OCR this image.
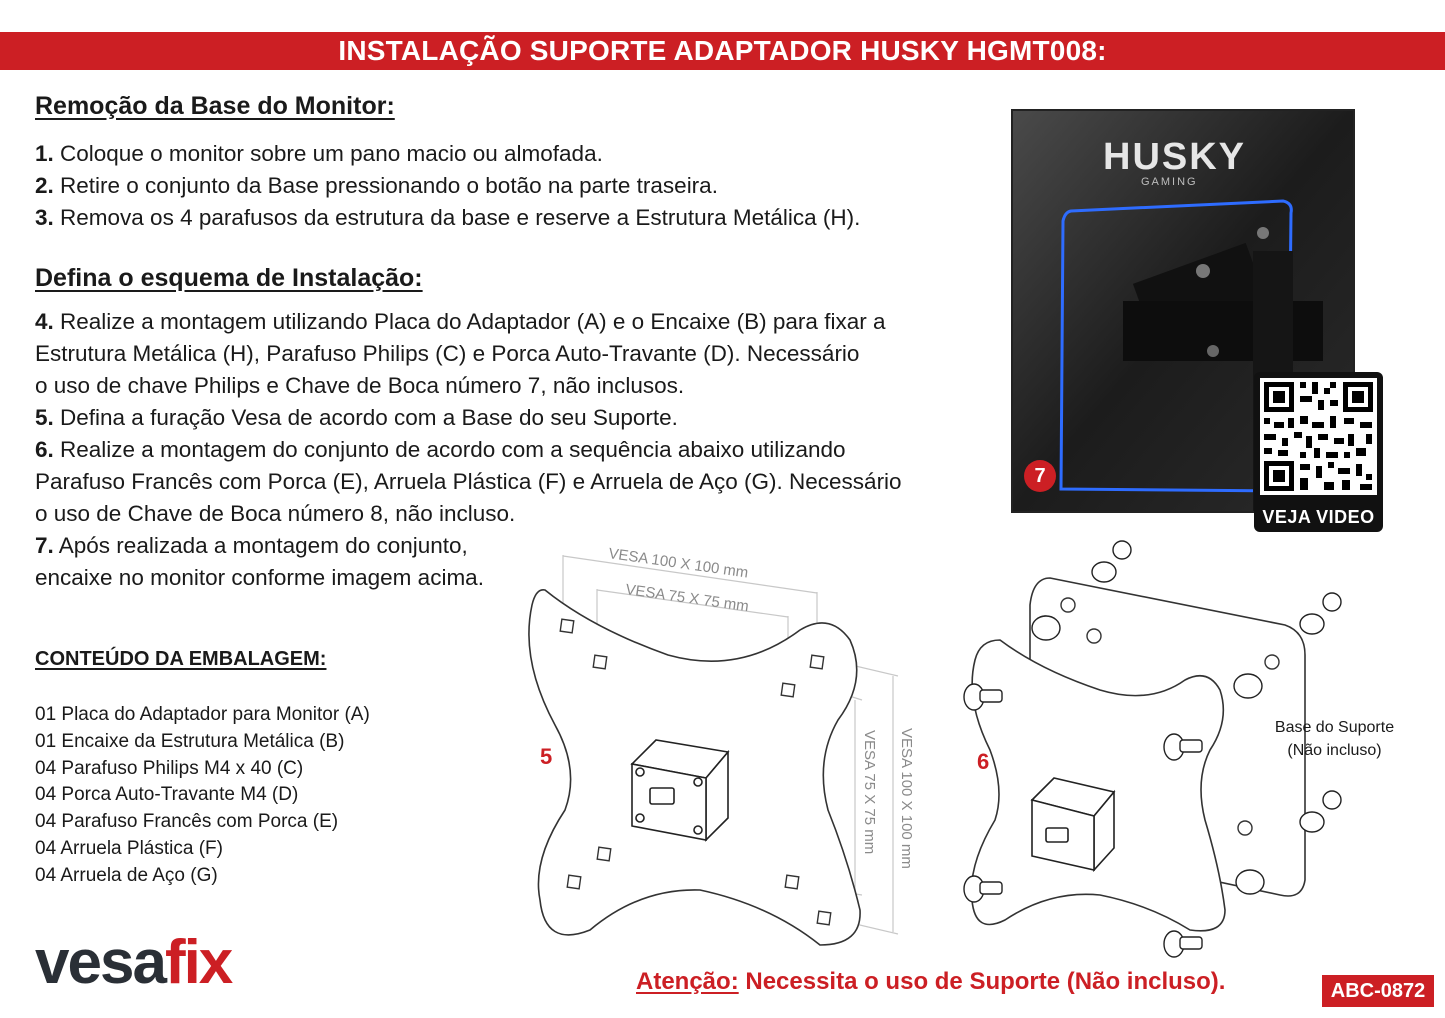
INSTALAÇÃO SUPORTE ADAPTADOR HUSKY HGMT008:
Remoção da Base do Monitor:
1. Coloque o monitor sobre um pano macio ou almofada.
2. Retire o conjunto da Base pressionando o botão na parte traseira.
3. Remova os 4 parafusos da estrutura da base e reserve a Estrutura Metálica (H).
Defina o esquema de Instalação:
4. Realize a montagem utilizando Placa do Adaptador (A) e o Encaixe (B) para fixar a
Estrutura Metálica (H), Parafuso Philips (C) e Porca Auto-Travante (D). Necessário
o uso de chave Philips e Chave de Boca número 7, não inclusos.
5. Defina a furação Vesa de acordo com a Base do seu Suporte.
6. Realize a montagem do conjunto de acordo com a sequência abaixo utilizando
Parafuso Francês com Porca (E), Arruela Plástica (F) e Arruela de Aço (G). Necessário
o uso de Chave de Boca número 8, não incluso.
7. Após realizada a montagem do conjunto,
encaixe no monitor conforme imagem acima.
CONTEÚDO DA EMBALAGEM:
01 Placa do Adaptador para Monitor (A)
01 Encaixe da Estrutura Metálica (B)
04 Parafuso Philips M4 x 40 (C)
04 Porca Auto-Travante M4 (D)
04 Parafuso Francês com Porca (E)
04 Arruela Plástica (F)
04 Arruela de Aço (G)
HUSKY
GAMING
7
VEJA VIDEO
VESA 100 X 100 mm
VESA 75 X 75 mm
VESA 75 X 75 mm VESA 100 X 100 mm
5	6
Base do Suporte
(Não incluso)
vesafix	Atenção: Necessita o uso de Suporte (Não incluso).	ABC-0872
